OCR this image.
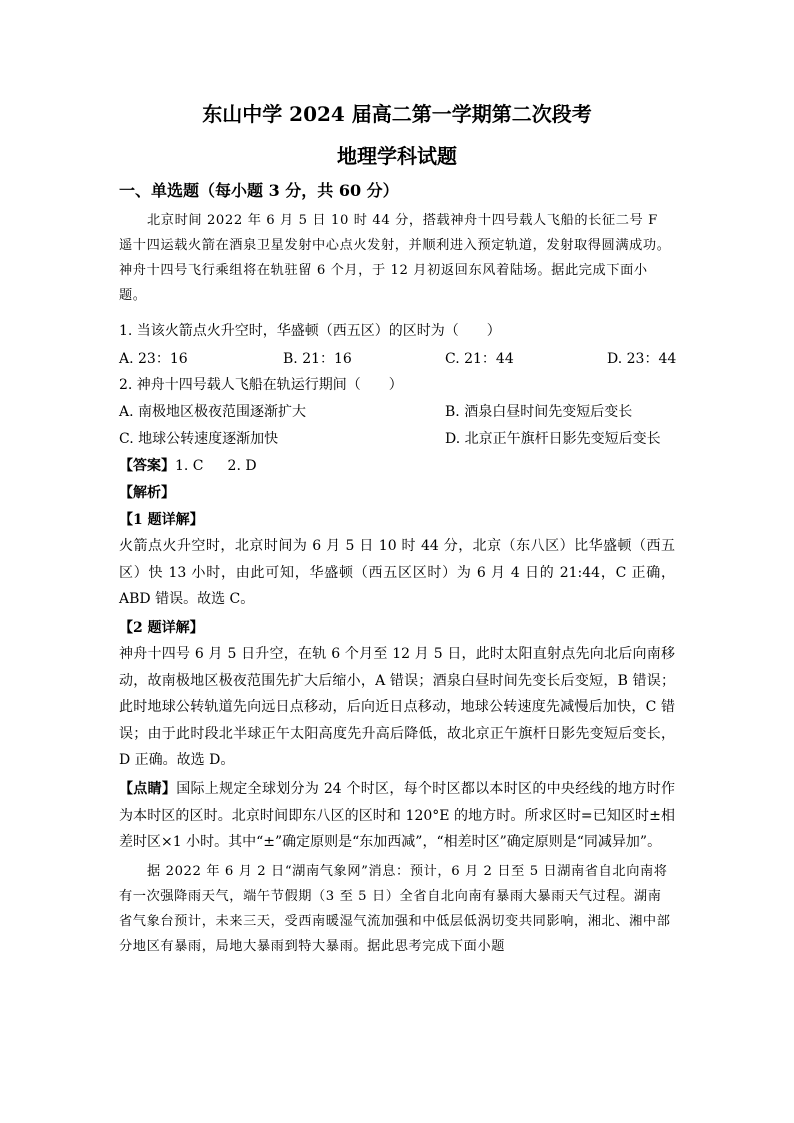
东山中学 2024 届高二第一学期第二次段考
地理学科试题
一、单选题（每小题 3 分，共 60 分）
北京时间 2022 年 6 月 5 日 10 时 44 分，搭载神舟十四号载人飞船的长征二号 F 遥十四运载火箭在酒泉卫星发射中心点火发射，并顺利进入预定轨道，发射取得圆满成功。神舟十四号飞行乘组将在轨驻留 6 个月，于 12 月初返回东风着陆场。据此完成下面小题。
1. 当该火箭点火升空时，华盛顿（西五区）的区时为（　　）
A. 23：16	B. 21：16	C. 21：44	D. 23：44
2. 神舟十四号载人飞船在轨运行期间（　　）
A. 南极地区极夜范围逐渐扩大	B. 酒泉白昼时间先变短后变长
C. 地球公转速度逐渐加快	D. 北京正午旗杆日影先变短后变长
【答案】1. C 2. D
【解析】
【1 题详解】
火箭点火升空时，北京时间为 6 月 5 日 10 时 44 分，北京（东八区）比华盛顿（西五区）快 13 小时，由此可知，华盛顿（西五区区时）为 6 月 4 日的 21:44，C 正确，ABD 错误。故选 C。
【2 题详解】
神舟十四号 6 月 5 日升空，在轨 6 个月至 12 月 5 日，此时太阳直射点先向北后向南移动，故南极地区极夜范围先扩大后缩小，A 错误；酒泉白昼时间先变长后变短，B 错误；此时地球公转轨道先向远日点移动，后向近日点移动，地球公转速度先减慢后加快，C 错误；由于此时段北半球正午太阳高度先升高后降低，故北京正午旗杆日影先变短后变长，D 正确。故选 D。
【点睛】国际上规定全球划分为 24 个时区，每个时区都以本时区的中央经线的地方时作为本时区的区时。北京时间即东八区的区时和 120°E 的地方时。所求区时=已知区时±相差时区×1 小时。其中“±”确定原则是“东加西减”，“相差时区”确定原则是“同减异加”。
据 2022 年 6 月 2 日“湖南气象网”消息：预计，6 月 2 日至 5 日湖南省自北向南将有一次强降雨天气，端午节假期（3 至 5 日）全省自北向南有暴雨大暴雨天气过程。湖南省气象台预计，未来三天，受西南暖湿气流加强和中低层低涡切变共同影响，湘北、湘中部分地区有暴雨，局地大暴雨到特大暴雨。据此思考完成下面小题
